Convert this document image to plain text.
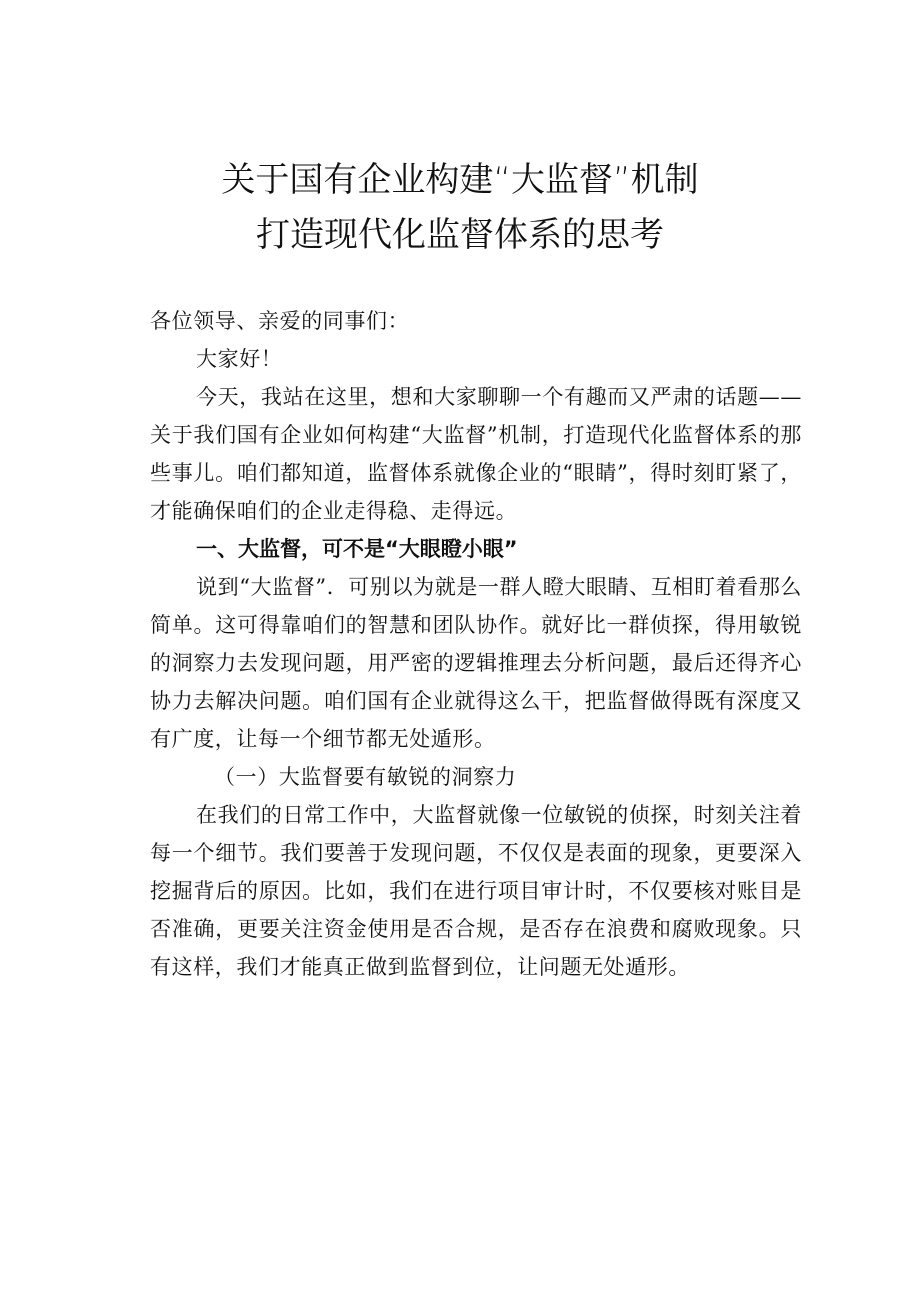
关于国有企业构建“大监督”机制
打造现代化监督体系的思考

各位领导、亲爱的同事们：

大家好！

今天，我站在这里，想和大家聊聊一个有趣而又严肃的话题——关于我们国有企业如何构建“大监督”机制，打造现代化监督体系的那些事儿。咱们都知道，监督体系就像企业的“眼睛”，得时刻盯紧了，才能确保咱们的企业走得稳、走得远。

一、大监督，可不是“大眼瞪小眼”

说到“大监督”．可别以为就是一群人瞪大眼睛、互相盯着看那么简单。这可得靠咱们的智慧和团队协作。就好比一群侦探，得用敏锐的洞察力去发现问题，用严密的逻辑推理去分析问题，最后还得齐心协力去解决问题。咱们国有企业就得这么干，把监督做得既有深度又有广度，让每一个细节都无处遁形。

（一）大监督要有敏锐的洞察力

在我们的日常工作中，大监督就像一位敏锐的侦探，时刻关注着每一个细节。我们要善于发现问题，不仅仅是表面的现象，更要深入挖掘背后的原因。比如，我们在进行项目审计时，不仅要核对账目是否准确，更要关注资金使用是否合规，是否存在浪费和腐败现象。只有这样，我们才能真正做到监督到位，让问题无处遁形。
